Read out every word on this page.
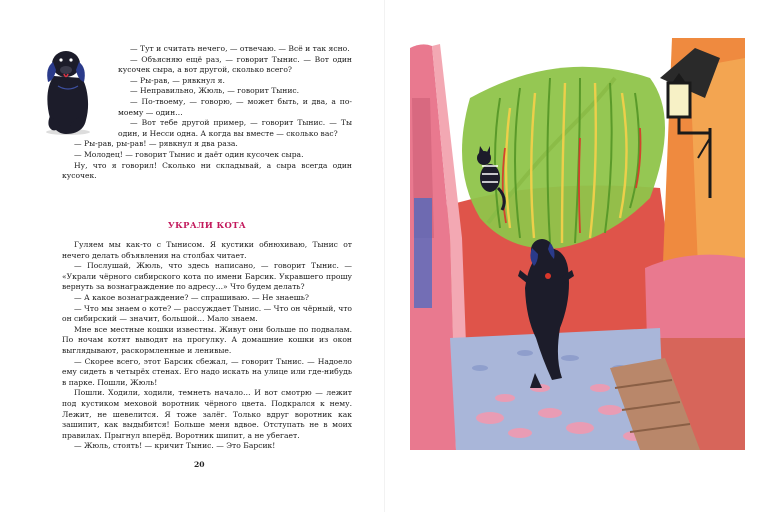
— Тут и считать нечего, — отвечаю. — Всё и так ясно.

— Объясняю ещё раз, — говорит Тынис. — Вот один кусочек сыра, а вот другой, сколько всего?

— Ры-рав, — рявкнул я.

— Неправильно, Жюль, — говорит Тынис.

— По-твоему, — говорю, — может быть, и два, а по-моему — один…

— Вот тебе другой пример, — говорит Тынис. — Ты один, и Несси одна. А когда вы вместе — сколько вас?

— Ры-рав, ры-рав! — рявкнул я два раза.

— Молодец! — говорит Тынис и даёт один кусочек сыра.

Ну, что я говорил! Сколько ни складывай, а сыра всегда один кусочек.

УКРАЛИ КОТА

Гуляем мы как-то с Тынисом. Я кустики обнюхиваю, Тынис от нечего делать объявления на столбах читает.

— Послушай, Жюль, что здесь написано, — говорит Тынис. — «Украли чёрного сибирского кота по имени Барсик. Укравшего прошу вернуть за вознаграждение по адресу…» Что будем делать?

— А какое вознаграждение? — спрашиваю. — Не знаешь?

— Что мы знаем о коте? — рассуждает Тынис. — Что он чёрный, что он сибирский — значит, большой… Мало знаем.

Мне все местные кошки известны. Живут они больше по подвалам. По ночам котят выводят на прогулку. А домашние кошки из окон выглядывают, раскормленные и ленивые.

— Скорее всего, этот Барсик сбежал, — говорит Тынис. — Надоело ему сидеть в четырёх стенах. Его надо искать на улице или где-нибудь в парке. Пошли, Жюль!

Пошли. Ходили, ходили, темнеть начало… И вот смотрю — лежит под кустиком меховой воротник чёрного цвета. Подкрался к нему. Лежит, не шевелится. Я тоже залёг. Только вдруг воротник как зашипит, как выдыбится! Больше меня вдвое. Отступать не в моих правилах. Прыгнул вперёд. Воротник шипит, а не убегает.

— Жюль, стоять! — кричит Тынис. — Это Барсик!

20
